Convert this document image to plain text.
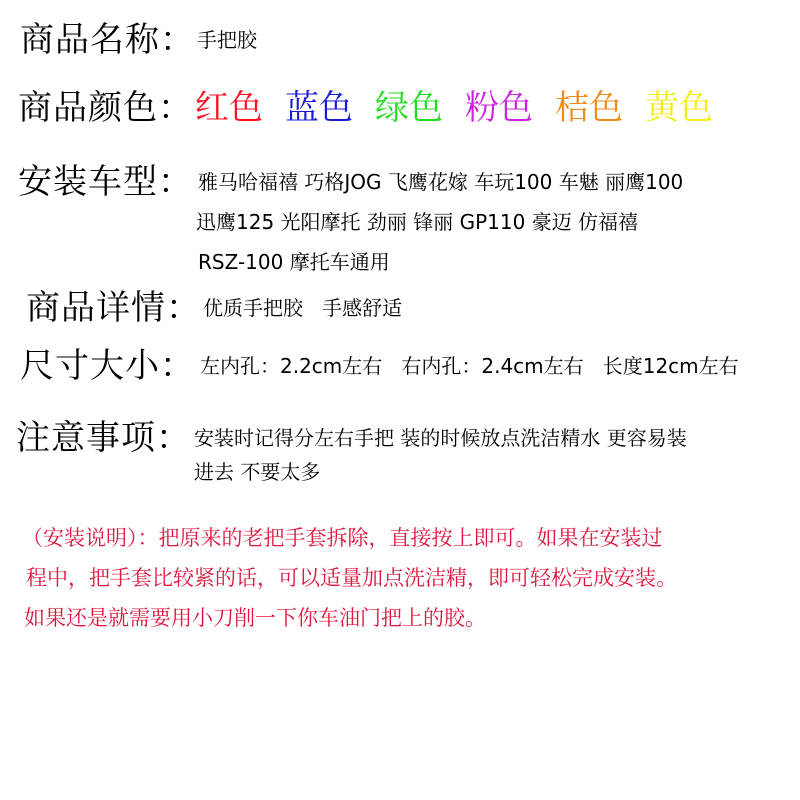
商品名称： 手把胶
商品颜色： 红色 蓝色 绿色 粉色 桔色 黄色
安装车型： 雅马哈福禧 巧格JOG 飞鹰花嫁 车玩100 车魅 丽鹰100
迅鹰125 光阳摩托 劲丽 锋丽 GP110 豪迈 仿福禧
RSZ-100 摩托车通用
商品详情： 优质手把胶   手感舒适
尺寸大小： 左内孔：2.2cm左右   右内孔：2.4cm左右   长度12cm左右
注意事项： 安装时记得分左右手把 装的时候放点洗洁精水 更容易装
进去 不要太多
（安装说明）：把原来的老把手套拆除，直接按上即可。如果在安装过
程中，把手套比较紧的话，可以适量加点洗洁精，即可轻松完成安装。
如果还是就需要用小刀削一下你车油门把上的胶。
